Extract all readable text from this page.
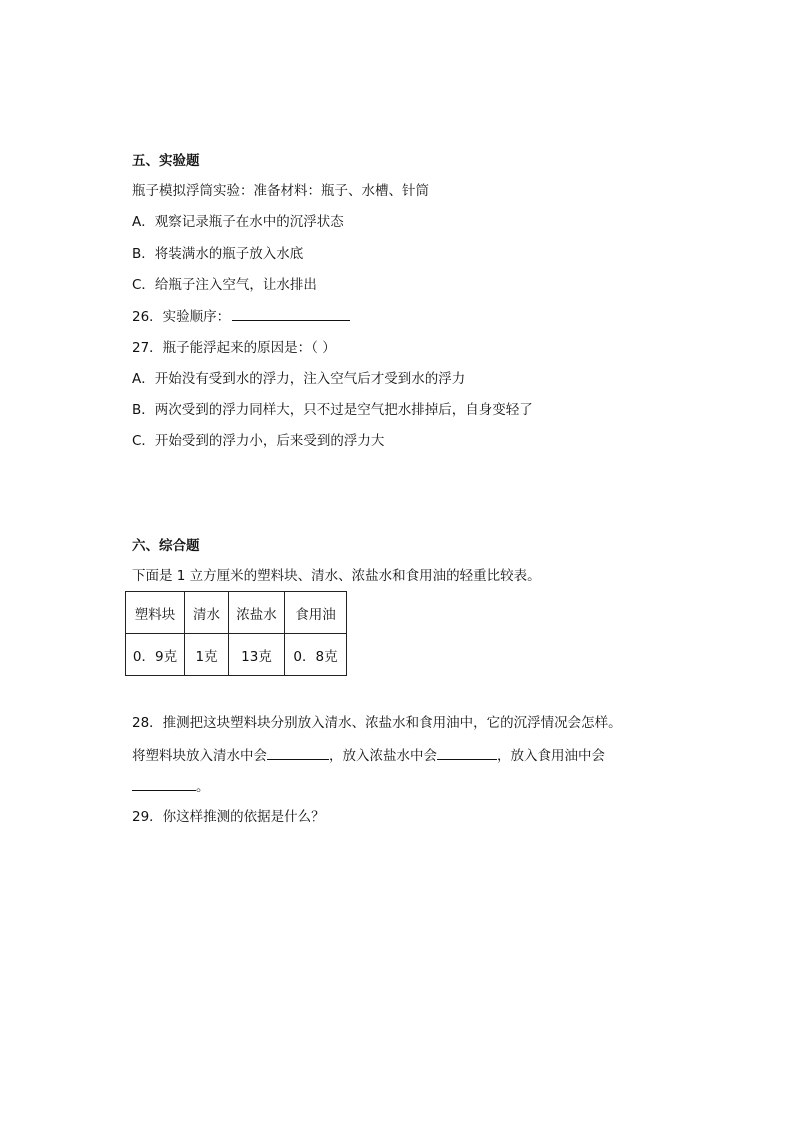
五、实验题
瓶子模拟浮筒实验：准备材料：瓶子、水槽、针筒
A．观察记录瓶子在水中的沉浮状态
B．将装满水的瓶子放入水底
C．给瓶子注入空气，让水排出
26．实验顺序：
27．瓶子能浮起来的原因是：（ ）
A．开始没有受到水的浮力，注入空气后才受到水的浮力
B．两次受到的浮力同样大，只不过是空气把水排掉后，自身变轻了
C．开始受到的浮力小，后来受到的浮力大
六、综合题
下面是 1 立方厘米的塑料块、清水、浓盐水和食用油的轻重比较表。
塑料块	清水	浓盐水	食用油
0．9克	1克	13克	0．8克
28．推测把这块塑料块分别放入清水、浓盐水和食用油中，它的沉浮情况会怎样。
将塑料块放入清水中会	，放入浓盐水中会	，放入食用油中会
。
29．你这样推测的依据是什么？
